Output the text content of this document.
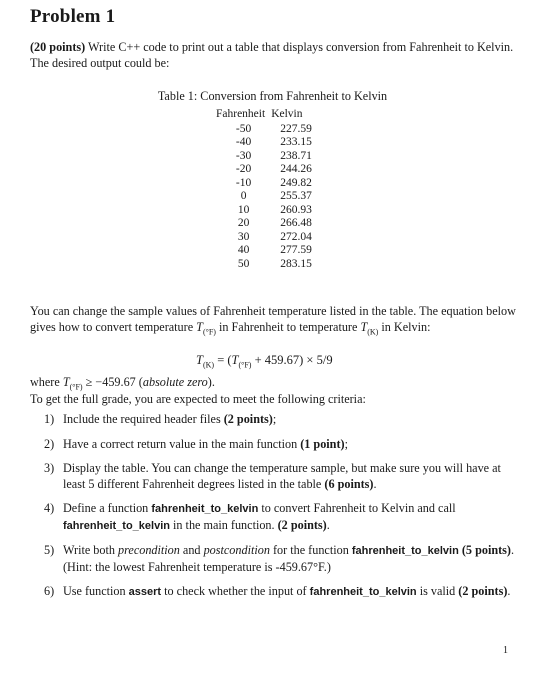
Problem 1
(20 points) Write C++ code to print out a table that displays conversion from Fahrenheit to Kelvin. The desired output could be:
Table 1: Conversion from Fahrenheit to Kelvin
Fahrenheit	Kelvin
-50	227.59
-40	233.15
-30	238.71
-20	244.26
-10	249.82
0	255.37
10	260.93
20	266.48
30	272.04
40	277.59
50	283.15
You can change the sample values of Fahrenheit temperature listed in the table. The equation below gives how to convert temperature $T_{(^\circ F)}$ in Fahrenheit to temperature $T_{(K)}$ in Kelvin:
$T_{(K)} = (T_{(^\circ F)} + 459.67) \times 5/9$
where $T_{(^\circ F)} \ge -459.67$ (absolute zero).
To get the full grade, you are expected to meet the following criteria:
1) Include the required header files (2 points);
2) Have a correct return value in the main function (1 point);
3) Display the table. You can change the temperature sample, but make sure you will have at least 5 different Fahrenheit degrees listed in the table (6 points).
4) Define a function fahrenheit_to_kelvin to convert Fahrenheit to Kelvin and call fahrenheit_to_kelvin in the main function. (2 points).
5) Write both precondition and postcondition for the function fahrenheit_to_kelvin (5 points).
(Hint: the lowest Fahrenheit temperature is -459.67°F.)
6) Use function assert to check whether the input of fahrenheit_to_kelvin is valid (2 points).
1
